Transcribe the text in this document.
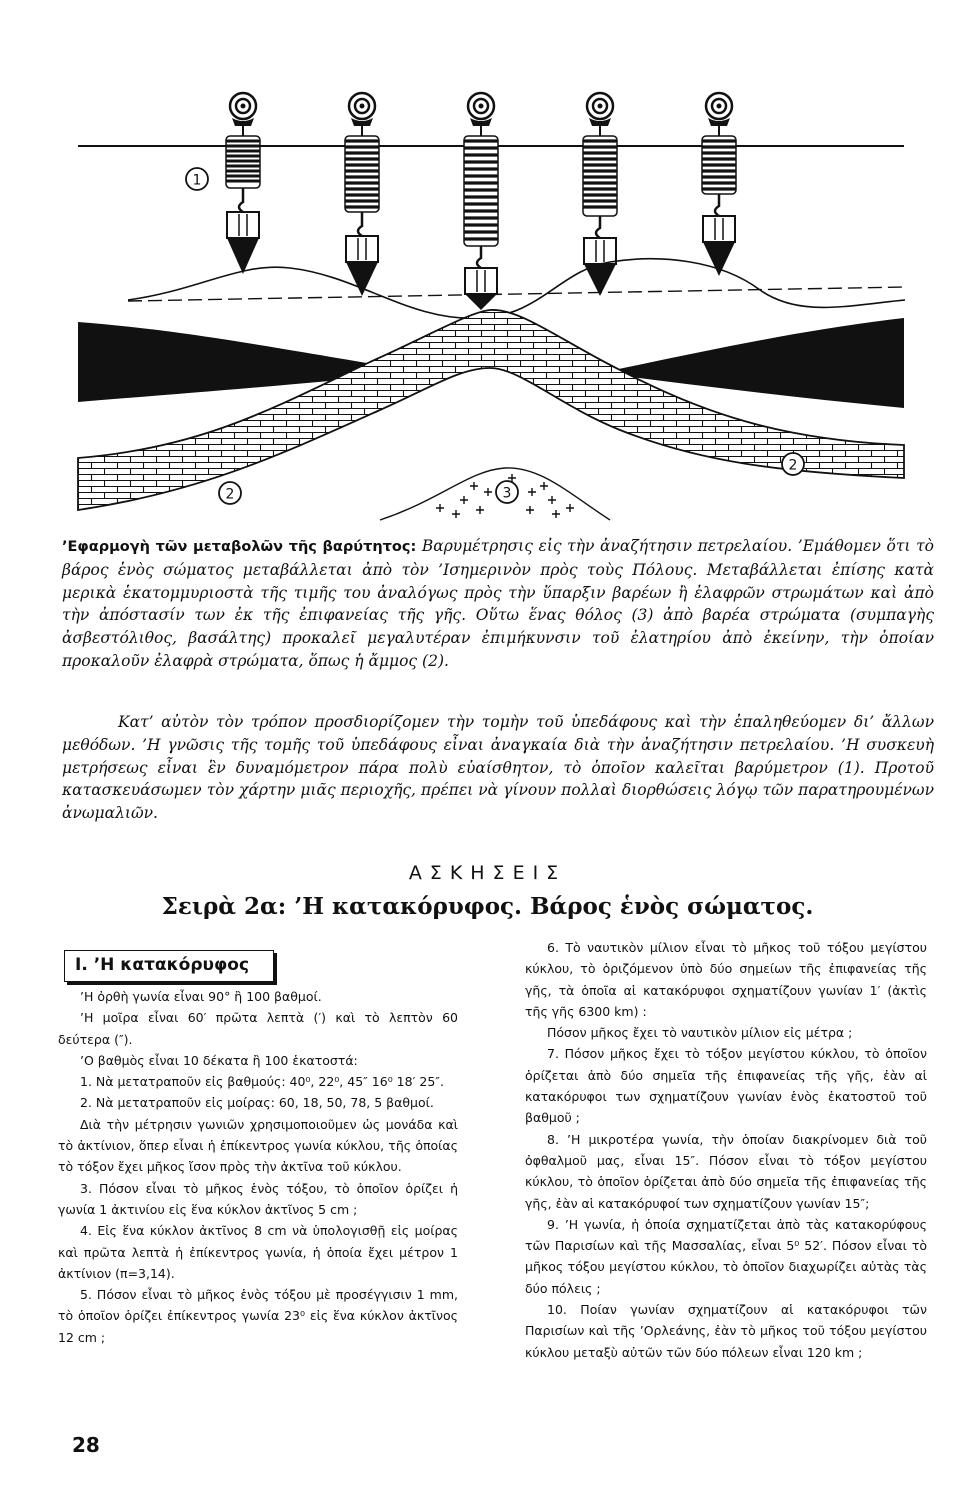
1
2
2
3

’Εφαρμογὴ τῶν μεταβολῶν τῆς βαρύτητος: Βαρυμέτρησις εἰς τὴν ἀναζήτησιν πετρελαίου. ’Εμάθομεν ὅτι τὸ βάρος ἑνὸς σώματος μεταβάλλεται ἀπὸ τὸν ’Ισημερινὸν πρὸς τοὺς Πόλους. Μεταβάλλεται ἐπίσης κατὰ μερικὰ ἑκατομμυριοστὰ τῆς τιμῆς του ἀναλόγως πρὸς τὴν ὕπαρξιν βαρέων ἢ ἐλαφρῶν στρωμάτων καὶ ἀπὸ τὴν ἀπόστασίν των ἐκ τῆς ἐπιφανείας τῆς γῆς. Οὕτω ἕνας θόλος (3) ἀπὸ βαρέα στρώματα (συμπαγὴς ἀσβεστόλιθος, βασάλτης) προκαλεῖ μεγαλυτέραν ἐπιμήκυνσιν τοῦ ἐλατηρίου ἀπὸ ἐκείνην, τὴν ὁποίαν προκαλοῦν ἐλαφρὰ στρώματα, ὅπως ἡ ἄμμος (2).

Κατ’ αὐτὸν τὸν τρόπον προσδιορίζομεν τὴν τομὴν τοῦ ὑπεδάφους καὶ τὴν ἐπαληθεύομεν δι’ ἄλλων μεθόδων. ’Η γνῶσις τῆς τομῆς τοῦ ὑπεδάφους εἶναι ἀναγκαία διὰ τὴν ἀναζήτησιν πετρελαίου. ’Η συσκευὴ μετρήσεως εἶναι ἓν δυναμόμετρον πάρα πολὺ εὐαίσθητον, τὸ ὁποῖον καλεῖται βαρύμετρον (1). Προτοῦ κατασκευάσωμεν τὸν χάρτην μιᾶς περιοχῆς, πρέπει νὰ γίνουν πολλαὶ διορθώσεις λόγῳ τῶν παρατηρουμένων ἀνωμαλιῶν.

ΑΣΚΗΣΕΙΣ

Σειρὰ 2α: ’Η κατακόρυφος. Βάρος ἑνὸς σώματος.

I. ’Η κατακόρυφος

’Η ὀρθὴ γωνία εἶναι 90° ἢ 100 βαθμοί.

’Η μοῖρα εἶναι 60′ πρῶτα λεπτὰ (′) καὶ τὸ λεπτὸν 60 δεύτερα (″).

’Ο βαθμὸς εἶναι 10 δέκατα ἢ 100 ἑκατοστά:

1. Νὰ μετατραποῦν εἰς βαθμούς: 40⁰, 22⁰, 45″ 16⁰ 18′ 25″.

2. Νὰ μετατραποῦν εἰς μοίρας: 60, 18, 50, 78, 5 βαθμοί.

Διὰ τὴν μέτρησιν γωνιῶν χρησιμοποιοῦμεν ὡς μονάδα καὶ τὸ ἀκτίνιον, ὅπερ εἶναι ἡ ἐπίκεντρος γωνία κύκλου, τῆς ὁποίας τὸ τόξον ἔχει μῆκος ἴσον πρὸς τὴν ἀκτῖνα τοῦ κύκλου.

3. Πόσον εἶναι τὸ μῆκος ἑνὸς τόξου, τὸ ὁποῖον ὁρίζει ἡ γωνία 1 ἀκτινίου εἰς ἕνα κύκλον ἀκτῖνος 5 cm ;

4. Εἰς ἕνα κύκλον ἀκτῖνος 8 cm νὰ ὑπολογισθῇ εἰς μοίρας καὶ πρῶτα λεπτὰ ἡ ἐπίκεντρος γωνία, ἡ ὁποία ἔχει μέτρον 1 ἀκτίνιον (π=3,14).

5. Πόσον εἶναι τὸ μῆκος ἑνὸς τόξου μὲ προσέγγισιν 1 mm, τὸ ὁποῖον ὁρίζει ἐπίκεντρος γωνία 23⁰ εἰς ἕνα κύκλον ἀκτῖνος 12 cm ;

6. Τὸ ναυτικὸν μίλιον εἶναι τὸ μῆκος τοῦ τόξου μεγίστου κύκλου, τὸ ὁριζόμενον ὑπὸ δύο σημείων τῆς ἐπιφανείας τῆς γῆς, τὰ ὁποῖα αἱ κατακόρυφοι σχηματίζουν γωνίαν 1′ (ἀκτὶς τῆς γῆς 6300 km) :

Πόσον μῆκος ἔχει τὸ ναυτικὸν μίλιον εἰς μέτρα ;

7. Πόσον μῆκος ἔχει τὸ τόξον μεγίστου κύκλου, τὸ ὁποῖον ὁρίζεται ἀπὸ δύο σημεῖα τῆς ἐπιφανείας τῆς γῆς, ἐὰν αἱ κατακόρυφοι των σχηματίζουν γωνίαν ἑνὸς ἑκατοστοῦ τοῦ βαθμοῦ ;

8. ’Η μικροτέρα γωνία, τὴν ὁποίαν διακρίνομεν διὰ τοῦ ὀφθαλμοῦ μας, εἶναι 15″. Πόσον εἶναι τὸ τόξον μεγίστου κύκλου, τὸ ὁποῖον ὁρίζεται ἀπὸ δύο σημεῖα τῆς ἐπιφανείας τῆς γῆς, ἐὰν αἱ κατακόρυφοί των σχηματίζουν γωνίαν 15″;

9. ’Η γωνία, ἡ ὁποία σχηματίζεται ἀπὸ τὰς κατακορύφους τῶν Παρισίων καὶ τῆς Μασσαλίας, εἶναι 5⁰ 52′. Πόσον εἶναι τὸ μῆκος τόξου μεγίστου κύκλου, τὸ ὁποῖον διαχωρίζει αὐτὰς τὰς δύο πόλεις ;

10. Ποίαν γωνίαν σχηματίζουν αἱ κατακόρυφοι τῶν Παρισίων καὶ τῆς ’Ορλεάνης, ἐὰν τὸ μῆκος τοῦ τόξου μεγίστου κύκλου μεταξὺ αὐτῶν τῶν δύο πόλεων εἶναι 120 km ;

28
